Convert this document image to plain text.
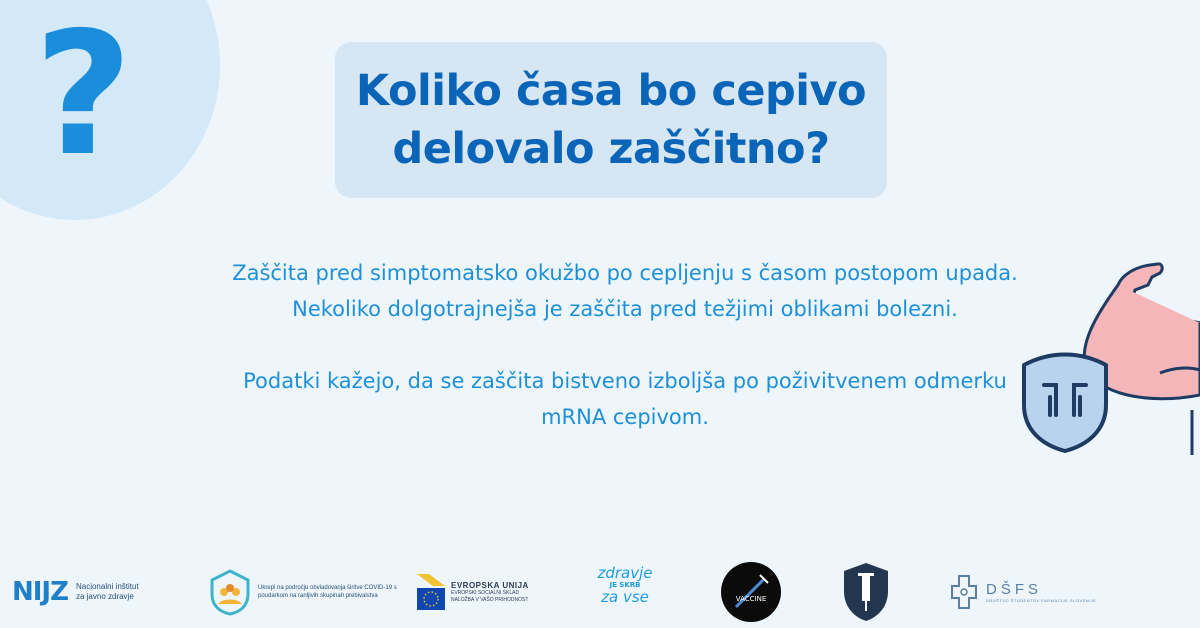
?	Koliko časa bo cepivo
delovalo zaščitno?

Zaščita pred simptomatsko okužbo po cepljenju s časom postopom upada. Nekoliko dolgotrajnejša je zaščita pred težjimi oblikami bolezni.

Podatki kažejo, da se zaščita bistveno izboljša po poživitvenem odmerku mRNA cepivom.

NIJZ Nacionalni inštitut za javno zdravje
Ukrepi na področju obvladovanja širitve COVID-19 s poudarkom na ranljivih skupinah prebivalstva
EVROPSKA UNIJA
EVROPSKI SOCIALNI SKLAD
NALOŽBA V VAŠO PRIHODNOST
zdravje
JE SKRB
za vse	VACCINE
DŠFS
DRUŠTVO ŠTUDENTOV FARMACIJE SLOVENIJE
